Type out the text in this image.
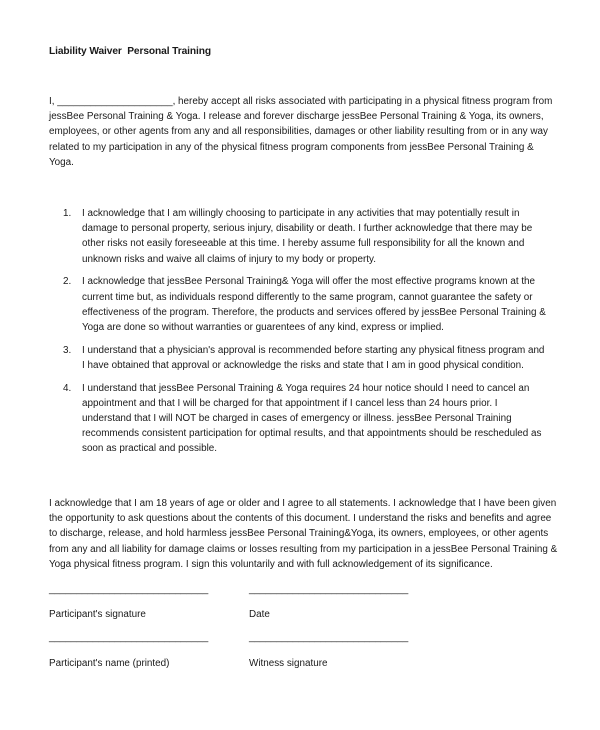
Liability Waiver  Personal Training

I, _____________________, hereby accept all risks associated with participating in a physical fitness program from jessBee Personal Training & Yoga. I release and forever discharge jessBee Personal Training & Yoga, its owners, employees, or other agents from any and all responsibilities, damages or other liability resulting from or in any way related to my participation in any of the physical fitness program components from jessBee Personal Training & Yoga.

1. I acknowledge that I am willingly choosing to participate in any activities that may potentially result in damage to personal property, serious injury, disability or death. I further acknowledge that there may be other risks not easily foreseeable at this time. I hereby assume full responsibility for all the known and unknown risks and waive all claims of injury to my body or property.
2. I acknowledge that jessBee Personal Training& Yoga will offer the most effective programs known at the current time but, as individuals respond differently to the same program, cannot guarantee the safety or effectiveness of the program. Therefore, the products and services offered by jessBee Personal Training & Yoga are done so without warranties or guarentees of any kind, express or implied.
3. I understand that a physician's approval is recommended before starting any physical fitness program and I have obtained that approval or acknowledge the risks and state that I am in good physical condition.
4. I understand that jessBee Personal Training & Yoga requires 24 hour notice should I need to cancel an appointment and that I will be charged for that appointment if I cancel less than 24 hours prior. I understand that I will NOT be charged in cases of emergency or illness. jessBee Personal Training recommends consistent participation for optimal results, and that appointments should be rescheduled as soon as practical and possible.

I acknowledge that I am 18 years of age or older and I agree to all statements. I acknowledge that I have been given the opportunity to ask questions about the contents of this document. I understand the risks and benefits and agree to discharge, release, and hold harmless jessBee Personal Training&Yoga, its owners, employees, or other agents from any and all liability for damage claims or losses resulting from my participation in a jessBee Personal Training & Yoga physical fitness program. I sign this voluntarily and with full acknowledgement of its significance.

_____________________________	_____________________________
Participant's signature	Date
_____________________________	_____________________________
Participant's name (printed)	Witness signature
